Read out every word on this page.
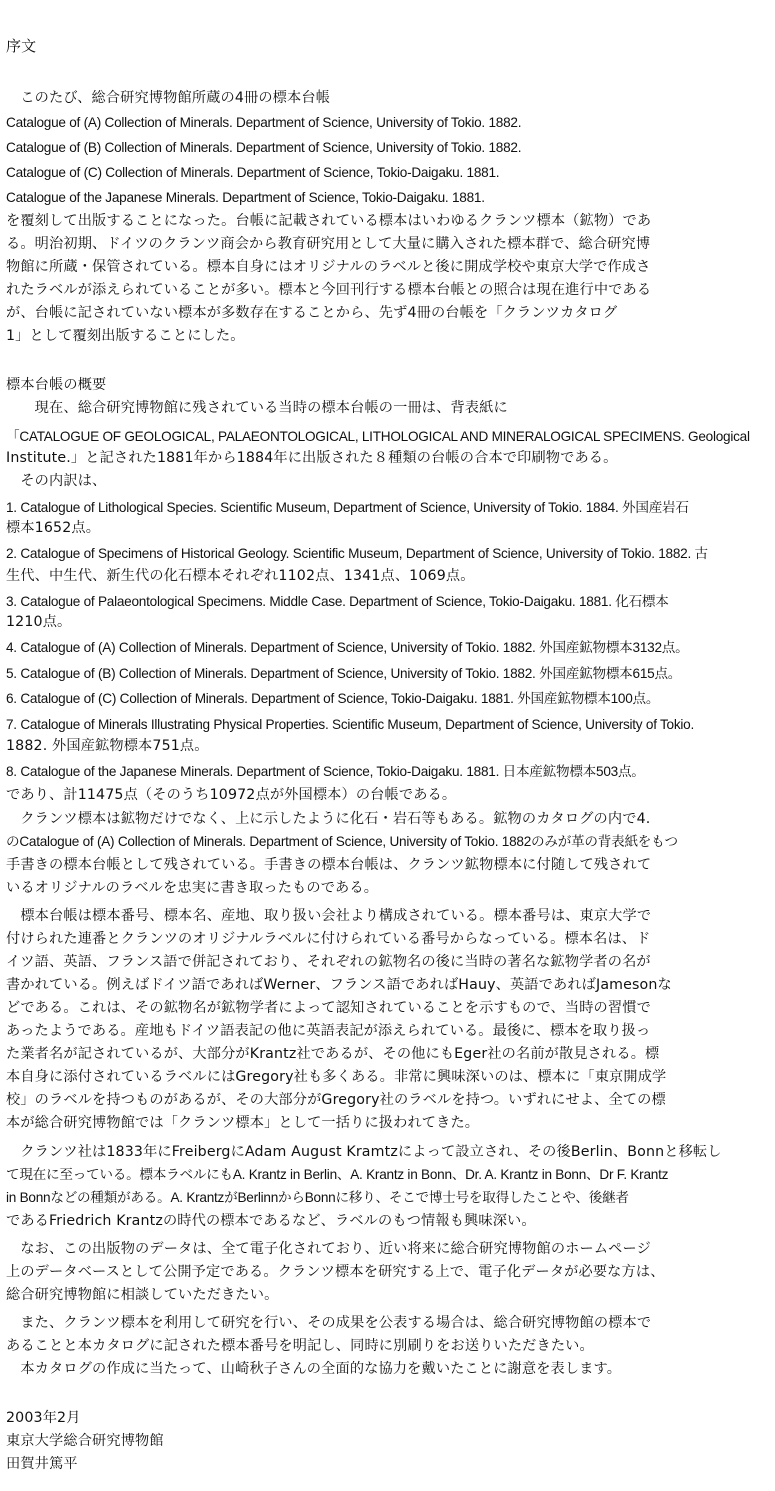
序文
　このたび、総合研究博物館所蔵の4冊の標本台帳
Catalogue of (A) Collection of Minerals. Department of Science, University of Tokio. 1882.
Catalogue of (B) Collection of Minerals. Department of Science, University of Tokio. 1882.
Catalogue of (C) Collection of Minerals. Department of Science, Tokio-Daigaku. 1881.
Catalogue of the Japanese Minerals. Department of Science, Tokio-Daigaku. 1881.
を覆刻して出版することになった。台帳に記載されている標本はいわゆるクランツ標本（鉱物）であ
る。明治初期、ドイツのクランツ商会から教育研究用として大量に購入された標本群で、総合研究博
物館に所蔵・保管されている。標本自身にはオリジナルのラベルと後に開成学校や東京大学で作成さ
れたラベルが添えられていることが多い。標本と今回刊行する標本台帳との照合は現在進行中である
が、台帳に記されていない標本が多数存在することから、先ず4冊の台帳を「クランツカタログ
1」として覆刻出版することにした。
標本台帳の概要
　　現在、総合研究博物館に残されている当時の標本台帳の一冊は、背表紙に
「CATALOGUE OF GEOLOGICAL, PALAEONTOLOGICAL, LITHOLOGICAL AND MINERALOGICAL SPECIMENS. Geological
Institute.」と記された1881年から1884年に出版された８種類の台帳の合本で印刷物である。
　その内訳は、
1. Catalogue of Lithological Species. Scientific Museum, Department of Science, University of Tokio. 1884. 外国産岩石
標本1652点。
2. Catalogue of Specimens of Historical Geology. Scientific Museum, Department of Science, University of Tokio. 1882. 古
生代、中生代、新生代の化石標本それぞれ1102点、1341点、1069点。
3. Catalogue of Palaeontological Specimens. Middle Case. Department of Science, Tokio-Daigaku. 1881. 化石標本
1210点。
4. Catalogue of (A) Collection of Minerals. Department of Science, University of Tokio. 1882. 外国産鉱物標本3132点。
5. Catalogue of (B) Collection of Minerals. Department of Science, University of Tokio. 1882. 外国産鉱物標本615点。
6. Catalogue of (C) Collection of Minerals. Department of Science, Tokio-Daigaku. 1881. 外国産鉱物標本100点。
7. Catalogue of Minerals Illustrating Physical Properties. Scientific Museum, Department of Science, University of Tokio.
1882. 外国産鉱物標本751点。
8. Catalogue of the Japanese Minerals. Department of Science, Tokio-Daigaku. 1881. 日本産鉱物標本503点。
であり、計11475点（そのうち10972点が外国標本）の台帳である。
　クランツ標本は鉱物だけでなく、上に示したように化石・岩石等もある。鉱物のカタログの内で4.
のCatalogue of (A) Collection of Minerals. Department of Science, University of Tokio. 1882のみが革の背表紙をもつ
手書きの標本台帳として残されている。手書きの標本台帳は、クランツ鉱物標本に付随して残されて
いるオリジナルのラベルを忠実に書き取ったものである。
　標本台帳は標本番号、標本名、産地、取り扱い会社より構成されている。標本番号は、東京大学で
付けられた連番とクランツのオリジナルラベルに付けられている番号からなっている。標本名は、ド
イツ語、英語、フランス語で併記されており、それぞれの鉱物名の後に当時の著名な鉱物学者の名が
書かれている。例えばドイツ語であればWerner、フランス語であればHauy、英語であればJamesonな
どである。これは、その鉱物名が鉱物学者によって認知されていることを示すもので、当時の習慣で
あったようである。産地もドイツ語表記の他に英語表記が添えられている。最後に、標本を取り扱っ
た業者名が記されているが、大部分がKrantz社であるが、その他にもEger社の名前が散見される。標
本自身に添付されているラベルにはGregory社も多くある。非常に興味深いのは、標本に「東京開成学
校」のラベルを持つものがあるが、その大部分がGregory社のラベルを持つ。いずれにせよ、全ての標
本が総合研究博物館では「クランツ標本」として一括りに扱われてきた。
　クランツ社は1833年にFreibergにAdam August Kramtzによって設立され、その後Berlin、Bonnと移転し
て現在に至っている。標本ラベルにもA. Krantz in Berlin、A. Krantz in Bonn、Dr. A. Krantz in Bonn、Dr F. Krantz
in Bonnなどの種類がある。A. KrantzがBerlinnからBonnに移り、そこで博士号を取得したことや、後継者
であるFriedrich Krantzの時代の標本であるなど、ラベルのもつ情報も興味深い。
　なお、この出版物のデータは、全て電子化されており、近い将来に総合研究博物館のホームページ
上のデータベースとして公開予定である。クランツ標本を研究する上で、電子化データが必要な方は、
総合研究博物館に相談していただきたい。
　また、クランツ標本を利用して研究を行い、その成果を公表する場合は、総合研究博物館の標本で
あることと本カタログに記された標本番号を明記し、同時に別刷りをお送りいただきたい。
　本カタログの作成に当たって、山崎秋子さんの全面的な協力を戴いたことに謝意を表します。
2003年2月
東京大学総合研究博物館
田賀井篤平
